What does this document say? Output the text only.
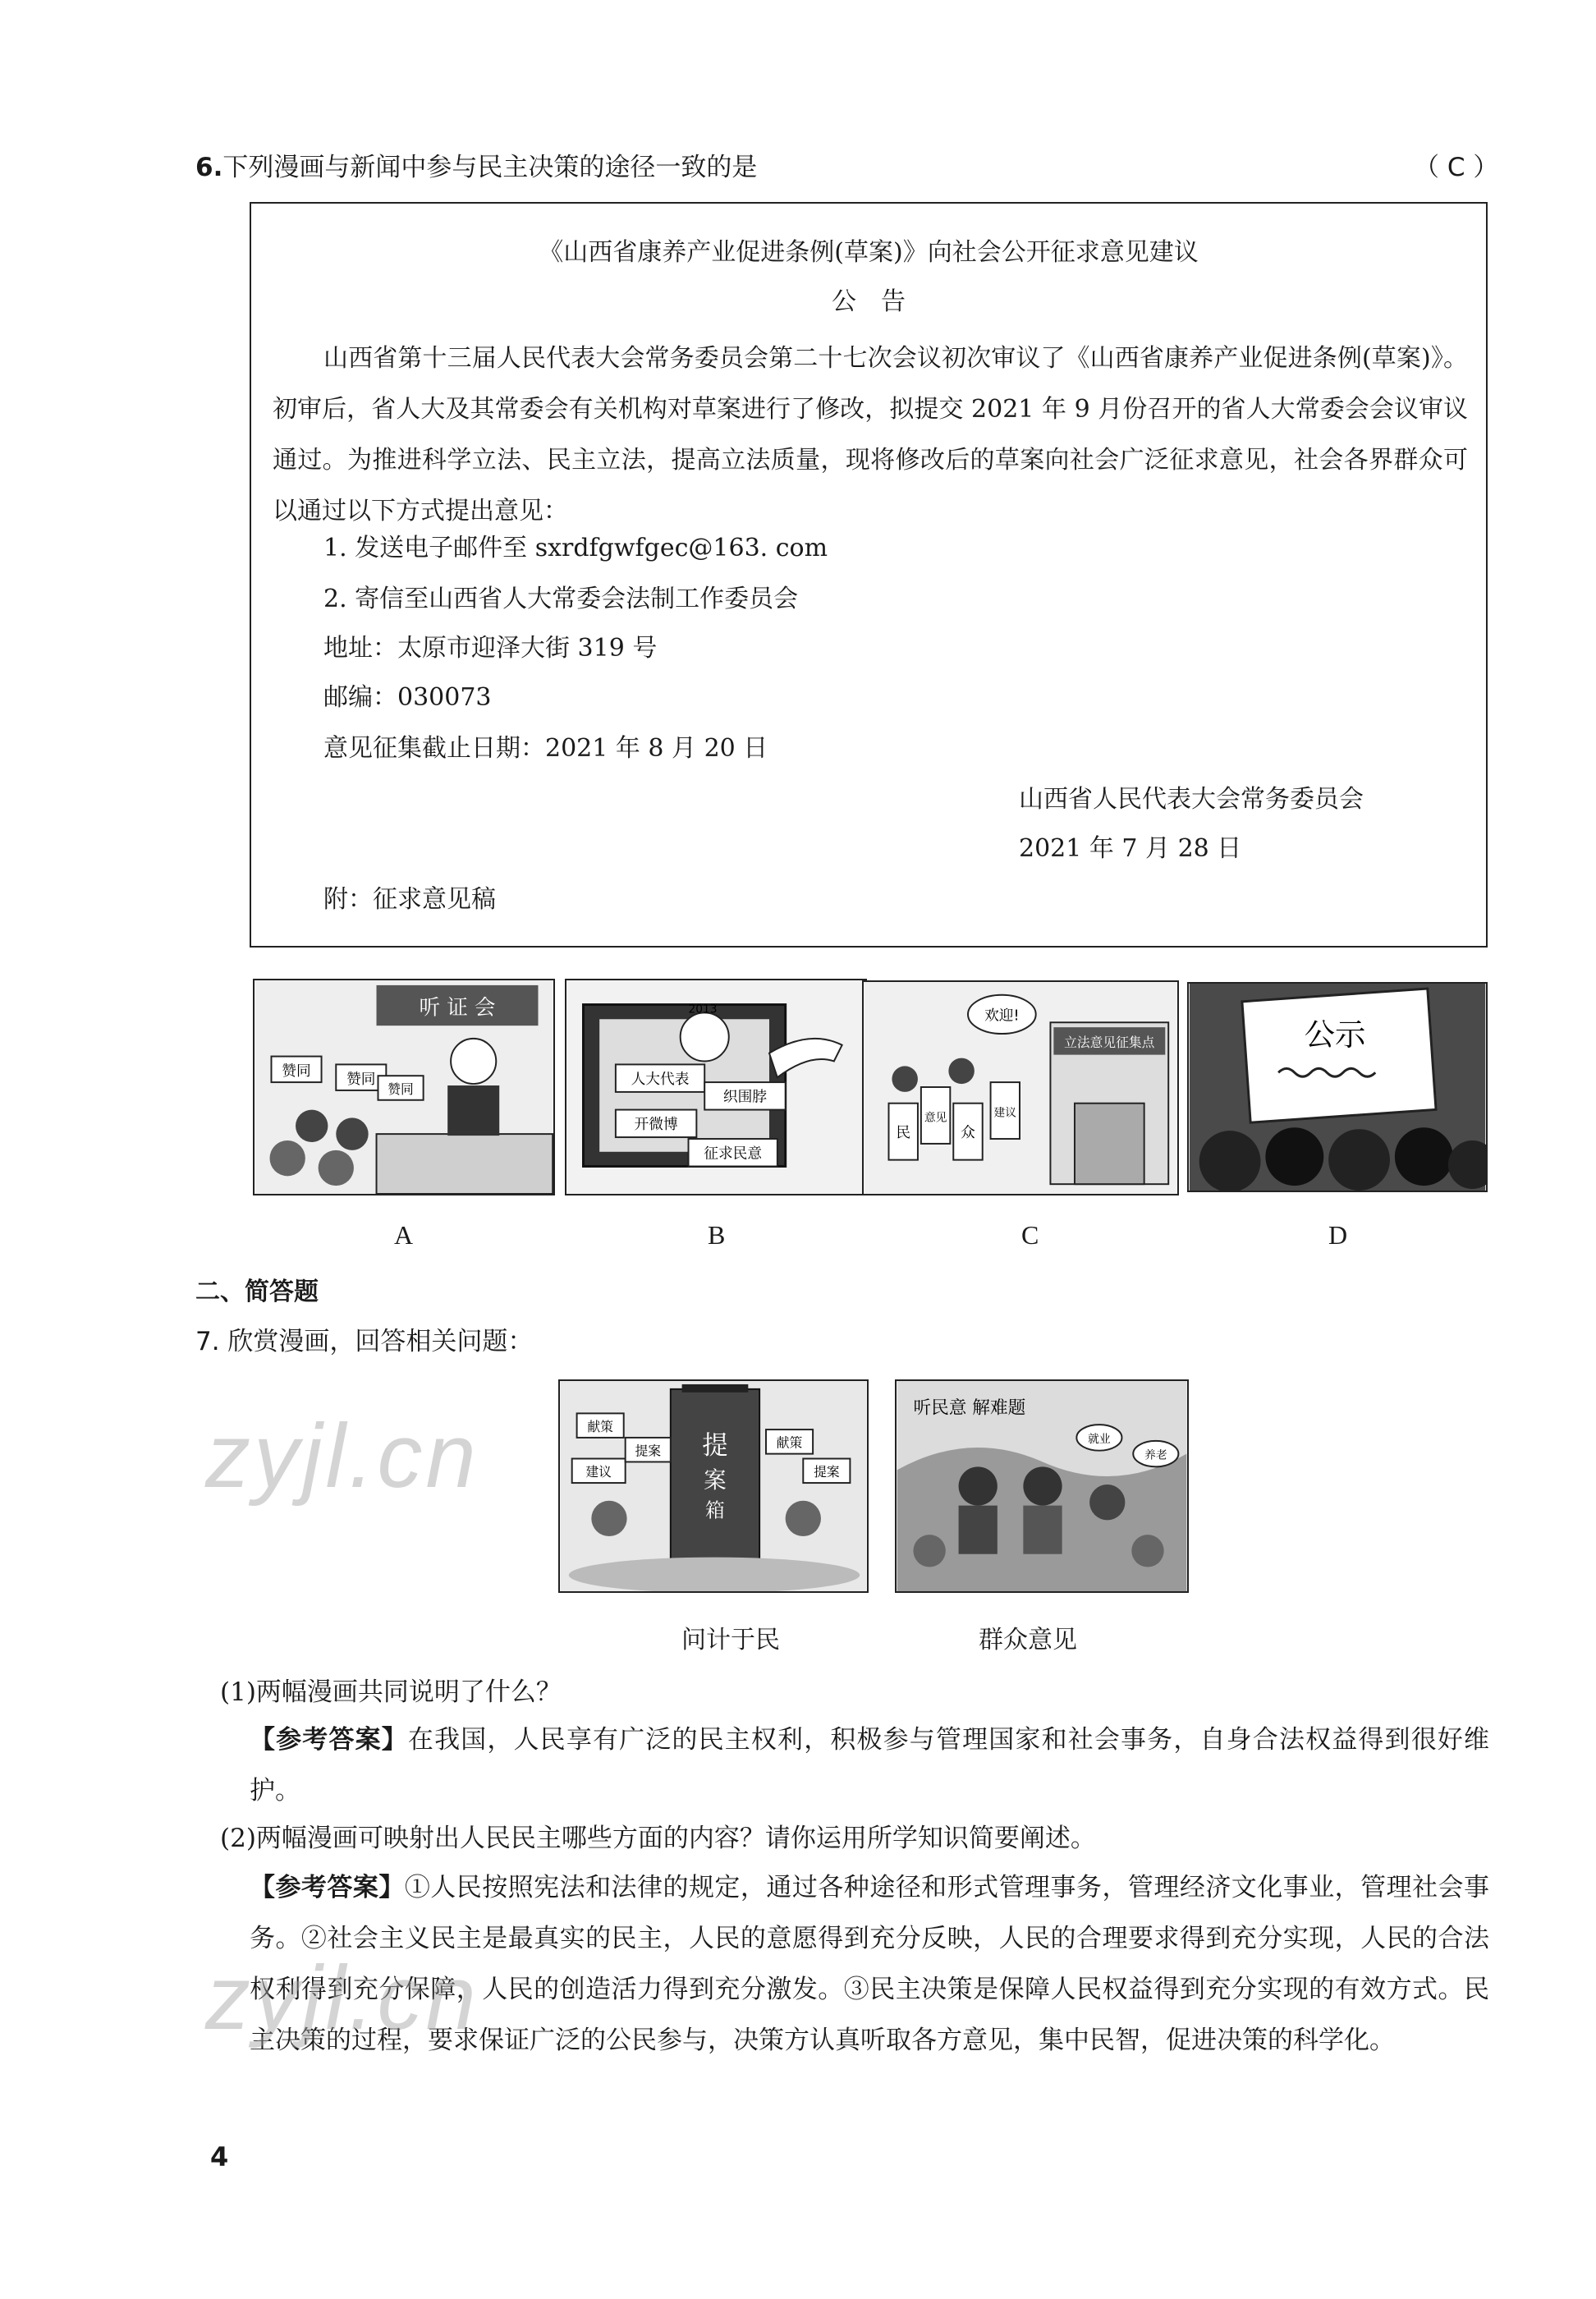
6.下列漫画与新闻中参与民主决策的途径一致的是	（ C ）
《山西省康养产业促进条例(草案)》向社会公开征求意见建议
公　告
山西省第十三届人民代表大会常务委员会第二十七次会议初次审议了《山西省康养产业促进条例(草案)》。初审后，省人大及其常委会有关机构对草案进行了修改，拟提交 2021 年 9 月份召开的省人大常委会会议审议通过。为推进科学立法、民主立法，提高立法质量，现将修改后的草案向社会广泛征求意见，社会各界群众可以通过以下方式提出意见：
1. 发送电子邮件至 sxrdfgwfgec@163. com
2. 寄信至山西省人大常委会法制工作委员会
地址：太原市迎泽大街 319 号
邮编：030073
意见征集截止日期：2021 年 8 月 20 日
山西省人民代表大会常务委员会
2021 年 7 月 28 日
附：征求意见稿
听 证 会
赞同 赞同
赞同
2013
人大代表
开微博
织围脖
征求民意
立法意见征集点
欢迎!
民
意见
众
建议
公示
A	B	C	D
二、简答题
7. 欣赏漫画，回答相关问题：
提
案
箱
献策
建议
提案
献策
提案
听民意 解难题
就业
养老
问计于民	群众意见
(1)两幅漫画共同说明了什么？
【参考答案】在我国，人民享有广泛的民主权利，积极参与管理国家和社会事务，自身合法权益得到很好维护。
(2)两幅漫画可映射出人民民主哪些方面的内容？请你运用所学知识简要阐述。
【参考答案】①人民按照宪法和法律的规定，通过各种途径和形式管理事务，管理经济文化事业，管理社会事务。②社会主义民主是最真实的民主，人民的意愿得到充分反映，人民的合理要求得到充分实现，人民的合法权利得到充分保障，人民的创造活力得到充分激发。③民主决策是保障人民权益得到充分实现的有效方式。民主决策的过程，要求保证广泛的公民参与，决策方认真听取各方意见，集中民智，促进决策的科学化。
zyjl.cn
zyjl.cn
4
